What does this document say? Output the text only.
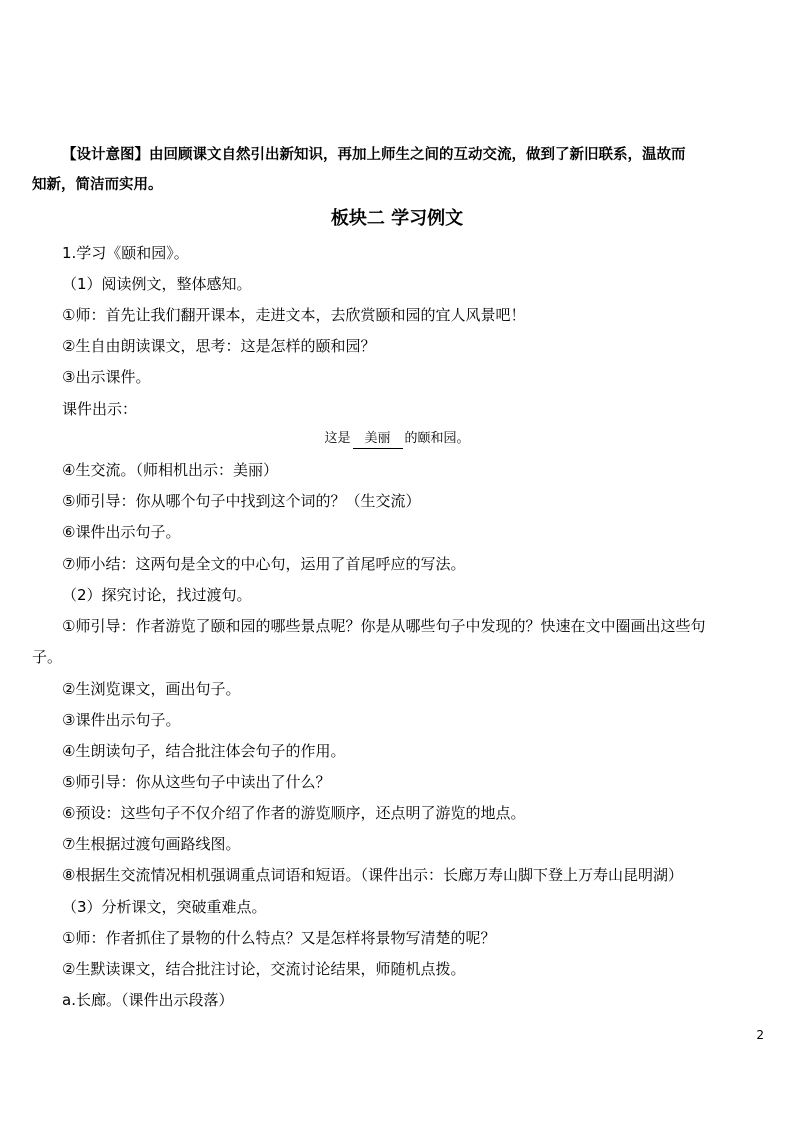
【设计意图】由回顾课文自然引出新知识，再加上师生之间的互动交流，做到了新旧联系，温故而
知新，简洁而实用。
板块二 学习例文
1.学习《颐和园》。
（1）阅读例文，整体感知。
①师：首先让我们翻开课本，走进文本，去欣赏颐和园的宜人风景吧！
②生自由朗读课文，思考：这是怎样的颐和园？
③出示课件。
课件出示：
这是 美丽 的颐和园。
④生交流。（师相机出示：美丽）
⑤师引导：你从哪个句子中找到这个词的？（生交流）
⑥课件出示句子。
⑦师小结：这两句是全文的中心句，运用了首尾呼应的写法。
（2）探究讨论，找过渡句。
①师引导：作者游览了颐和园的哪些景点呢？你是从哪些句子中发现的？快速在文中圈画出这些句
子。
②生浏览课文，画出句子。
③课件出示句子。
④生朗读句子，结合批注体会句子的作用。
⑤师引导：你从这些句子中读出了什么？
⑥预设：这些句子不仅介绍了作者的游览顺序，还点明了游览的地点。
⑦生根据过渡句画路线图。
⑧根据生交流情况相机强调重点词语和短语。（课件出示：长廊万寿山脚下登上万寿山昆明湖）
（3）分析课文，突破重难点。
①师：作者抓住了景物的什么特点？又是怎样将景物写清楚的呢？
②生默读课文，结合批注讨论，交流讨论结果，师随机点拨。
a.长廊。（课件出示段落）
2
